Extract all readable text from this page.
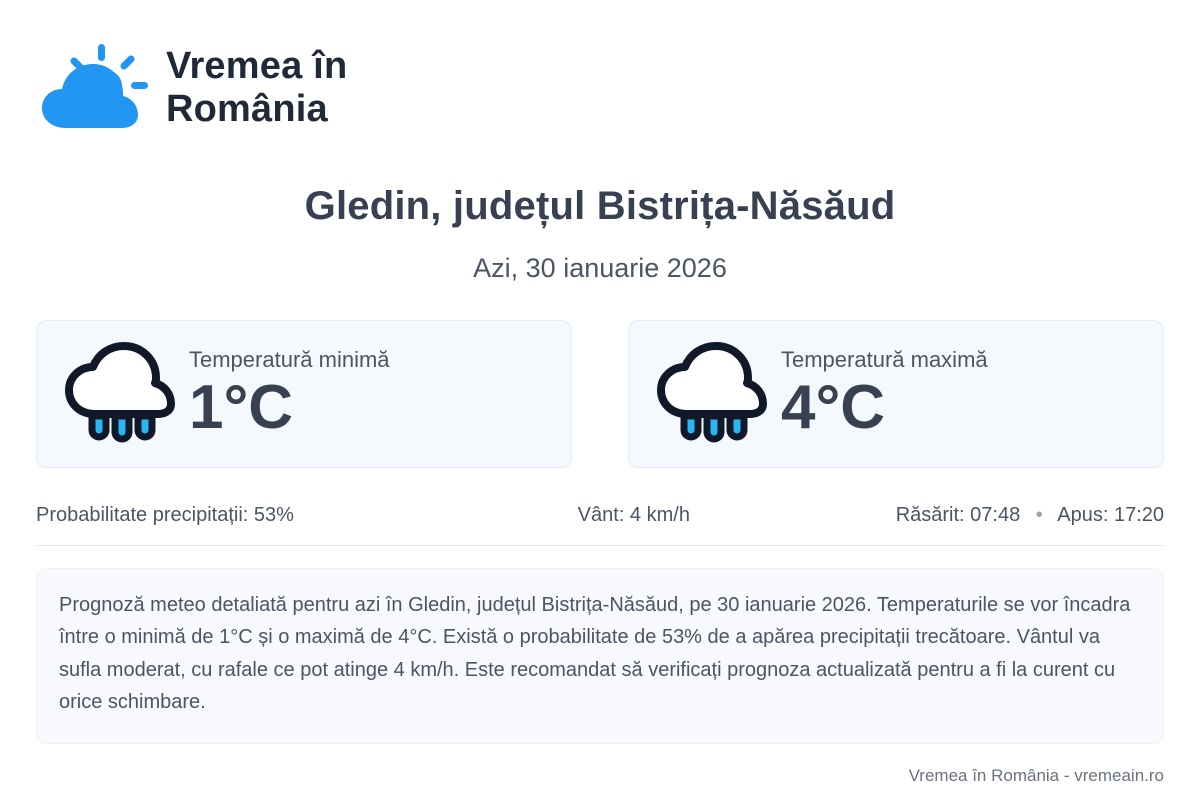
Vremea în
România
Gledin, județul Bistrița-Năsăud
Azi, 30 ianuarie 2026
Temperatură minimă
1°C
Temperatură maximă
4°C
Probabilitate precipitații: 53%	Vânt: 4 km/h	Răsărit: 07:48 • Apus: 17:20
Prognoză meteo detaliată pentru azi în Gledin, județul Bistrița-Năsăud, pe 30 ianuarie 2026. Temperaturile se vor încadra între o minimă de 1°C și o maximă de 4°C. Există o probabilitate de 53% de a apărea precipitații trecătoare. Vântul va sufla moderat, cu rafale ce pot atinge 4 km/h. Este recomandat să verificați prognoza actualizată pentru a fi la curent cu orice schimbare.
Vremea în România - vremeain.ro
